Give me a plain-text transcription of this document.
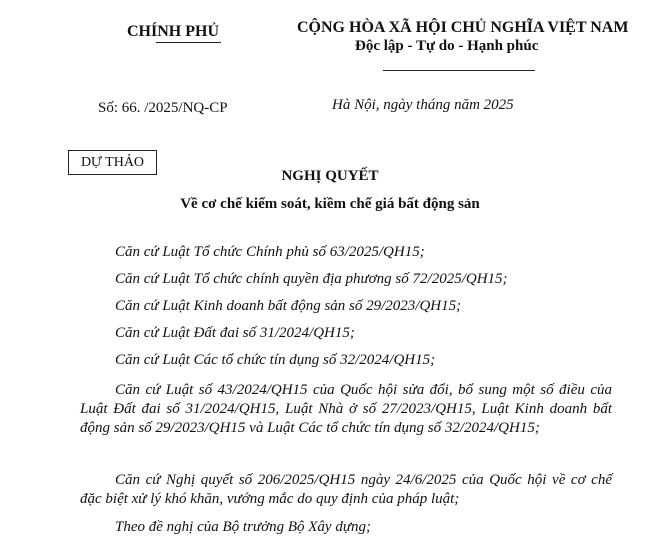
CHÍNH PHỦ	CỘNG HÒA XÃ HỘI CHỦ NGHĨA VIỆT NAM
Độc lập - Tự do - Hạnh phúc
Số: 66. /2025/NQ-CP	Hà Nội, ngày tháng năm 2025
DỰ THẢO
NGHỊ QUYẾT
Về cơ chế kiểm soát, kiềm chế giá bất động sản
Căn cứ Luật Tổ chức Chính phủ số 63/2025/QH15;
Căn cứ Luật Tổ chức chính quyền địa phương số 72/2025/QH15;
Căn cứ Luật Kinh doanh bất động sản số 29/2023/QH15;
Căn cứ Luật Đất đai số 31/2024/QH15;
Căn cứ Luật Các tổ chức tín dụng số 32/2024/QH15;
Căn cứ Luật số 43/2024/QH15 của Quốc hội sửa đổi, bổ sung một số điều của Luật Đất đai số 31/2024/QH15, Luật Nhà ở số 27/2023/QH15, Luật Kinh doanh bất động sản số 29/2023/QH15 và Luật Các tổ chức tín dụng số 32/2024/QH15;
Căn cứ Nghị quyết số 206/2025/QH15 ngày 24/6/2025 của Quốc hội về cơ chế đặc biệt xử lý khó khăn, vướng mắc do quy định của pháp luật;
Theo đề nghị của Bộ trưởng Bộ Xây dựng;
